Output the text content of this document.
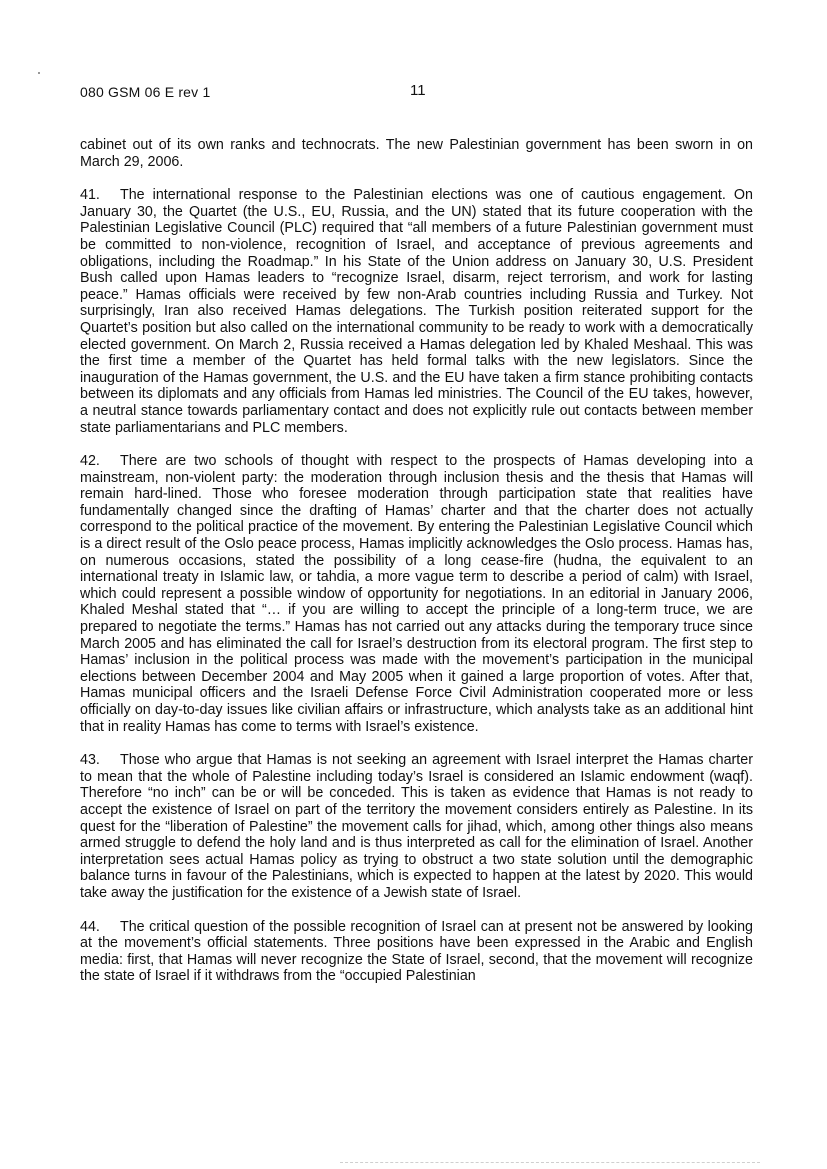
080 GSM 06 E rev 1	11

cabinet out of its own ranks and technocrats. The new Palestinian government has been sworn in on March 29, 2006.

41. The international response to the Palestinian elections was one of cautious engagement. On January 30, the Quartet (the U.S., EU, Russia, and the UN) stated that its future cooperation with the Palestinian Legislative Council (PLC) required that “all members of a future Palestinian government must be committed to non-violence, recognition of Israel, and acceptance of previous agreements and obligations, including the Roadmap.” In his State of the Union address on January 30, U.S. President Bush called upon Hamas leaders to “recognize Israel, disarm, reject terrorism, and work for lasting peace.” Hamas officials were received by few non-Arab countries including Russia and Turkey. Not surprisingly, Iran also received Hamas delegations. The Turkish position reiterated support for the Quartet’s position but also called on the international community to be ready to work with a democratically elected government. On March 2, Russia received a Hamas delegation led by Khaled Meshaal. This was the first time a member of the Quartet has held formal talks with the new legislators. Since the inauguration of the Hamas government, the U.S. and the EU have taken a firm stance prohibiting contacts between its diplomats and any officials from Hamas led ministries. The Council of the EU takes, however, a neutral stance towards parliamentary contact and does not explicitly rule out contacts between member state parliamentarians and PLC members.

42. There are two schools of thought with respect to the prospects of Hamas developing into a mainstream, non-violent party: the moderation through inclusion thesis and the thesis that Hamas will remain hard-lined. Those who foresee moderation through participation state that realities have fundamentally changed since the drafting of Hamas’ charter and that the charter does not actually correspond to the political practice of the movement. By entering the Palestinian Legislative Council which is a direct result of the Oslo peace process, Hamas implicitly acknowledges the Oslo process. Hamas has, on numerous occasions, stated the possibility of a long cease-fire (hudna, the equivalent to an international treaty in Islamic law, or tahdia, a more vague term to describe a period of calm) with Israel, which could represent a possible window of opportunity for negotiations. In an editorial in January 2006, Khaled Meshal stated that “… if you are willing to accept the principle of a long-term truce, we are prepared to negotiate the terms.” Hamas has not carried out any attacks during the temporary truce since March 2005 and has eliminated the call for Israel’s destruction from its electoral program. The first step to Hamas’ inclusion in the political process was made with the movement’s participation in the municipal elections between December 2004 and May 2005 when it gained a large proportion of votes. After that, Hamas municipal officers and the Israeli Defense Force Civil Administration cooperated more or less officially on day-to-day issues like civilian affairs or infrastructure, which analysts take as an additional hint that in reality Hamas has come to terms with Israel’s existence.

43. Those who argue that Hamas is not seeking an agreement with Israel interpret the Hamas charter to mean that the whole of Palestine including today’s Israel is considered an Islamic endowment (waqf). Therefore “no inch” can be or will be conceded. This is taken as evidence that Hamas is not ready to accept the existence of Israel on part of the territory the movement considers entirely as Palestine. In its quest for the “liberation of Palestine” the movement calls for jihad, which, among other things also means armed struggle to defend the holy land and is thus interpreted as call for the elimination of Israel. Another interpretation sees actual Hamas policy as trying to obstruct a two state solution until the demographic balance turns in favour of the Palestinians, which is expected to happen at the latest by 2020. This would take away the justification for the existence of a Jewish state of Israel.

44. The critical question of the possible recognition of Israel can at present not be answered by looking at the movement’s official statements. Three positions have been expressed in the Arabic and English media: first, that Hamas will never recognize the State of Israel, second, that the movement will recognize the state of Israel if it withdraws from the “occupied Palestinian
